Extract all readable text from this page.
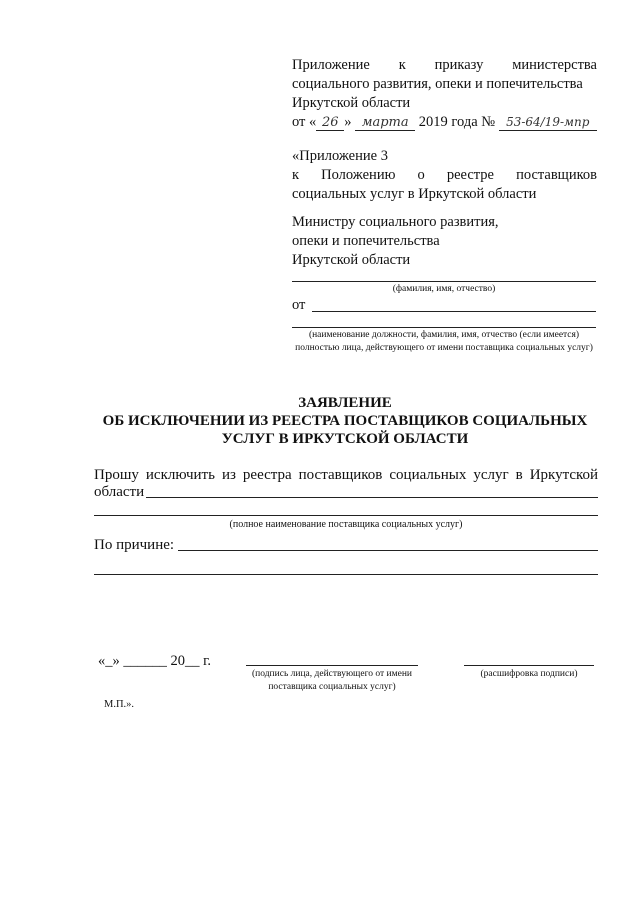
Приложение к приказу министерства
социального развития, опеки и попечительства
Иркутской области
от « 26 » марта 2019 года № 53-64/19-мпр
«Приложение 3
к Положению о реестре поставщиков
социальных услуг в Иркутской области
Министру социального развития,
опеки и попечительства
Иркутской области
(фамилия, имя, отчество)
от
(наименование должности, фамилия, имя, отчество (если имеется) полностью лица, действующего от имени поставщика социальных услуг)
ЗАЯВЛЕНИЕ
ОБ ИСКЛЮЧЕНИИ ИЗ РЕЕСТРА ПОСТАВЩИКОВ СОЦИАЛЬНЫХ
УСЛУГ В ИРКУТСКОЙ ОБЛАСТИ
Прошу исключить из реестра поставщиков социальных услуг в Иркутской
области
(полное наименование поставщика социальных услуг)
По причине:
«_» ______ 20__ г.
(подпись лица, действующего от имени поставщика социальных услуг)
(расшифровка подписи)
М.П.».
